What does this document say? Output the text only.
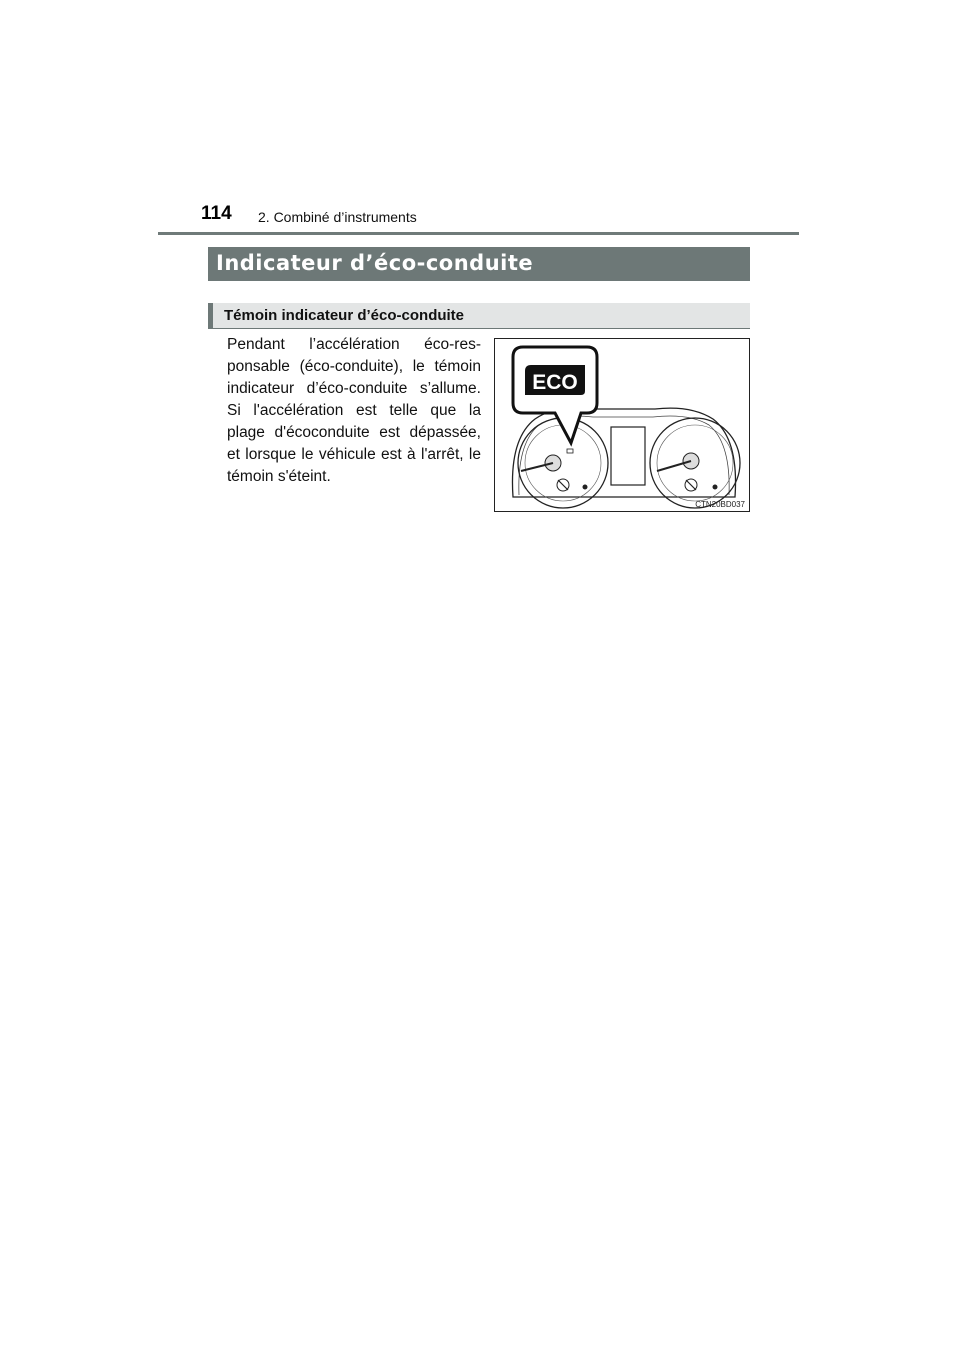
114 2. Combiné d’instruments
Indicateur d’éco-conduite
Témoin indicateur d’éco-conduite
Pendant l’accélération éco-res-ponsable (éco-conduite), le témoin indicateur d’éco-conduite s’allume. Si l'accélération est telle que la plage d'écoconduite est dépassée, et lorsque le véhicule est à l'arrêt, le témoin s'éteint.
ECO
CTN20BD037
